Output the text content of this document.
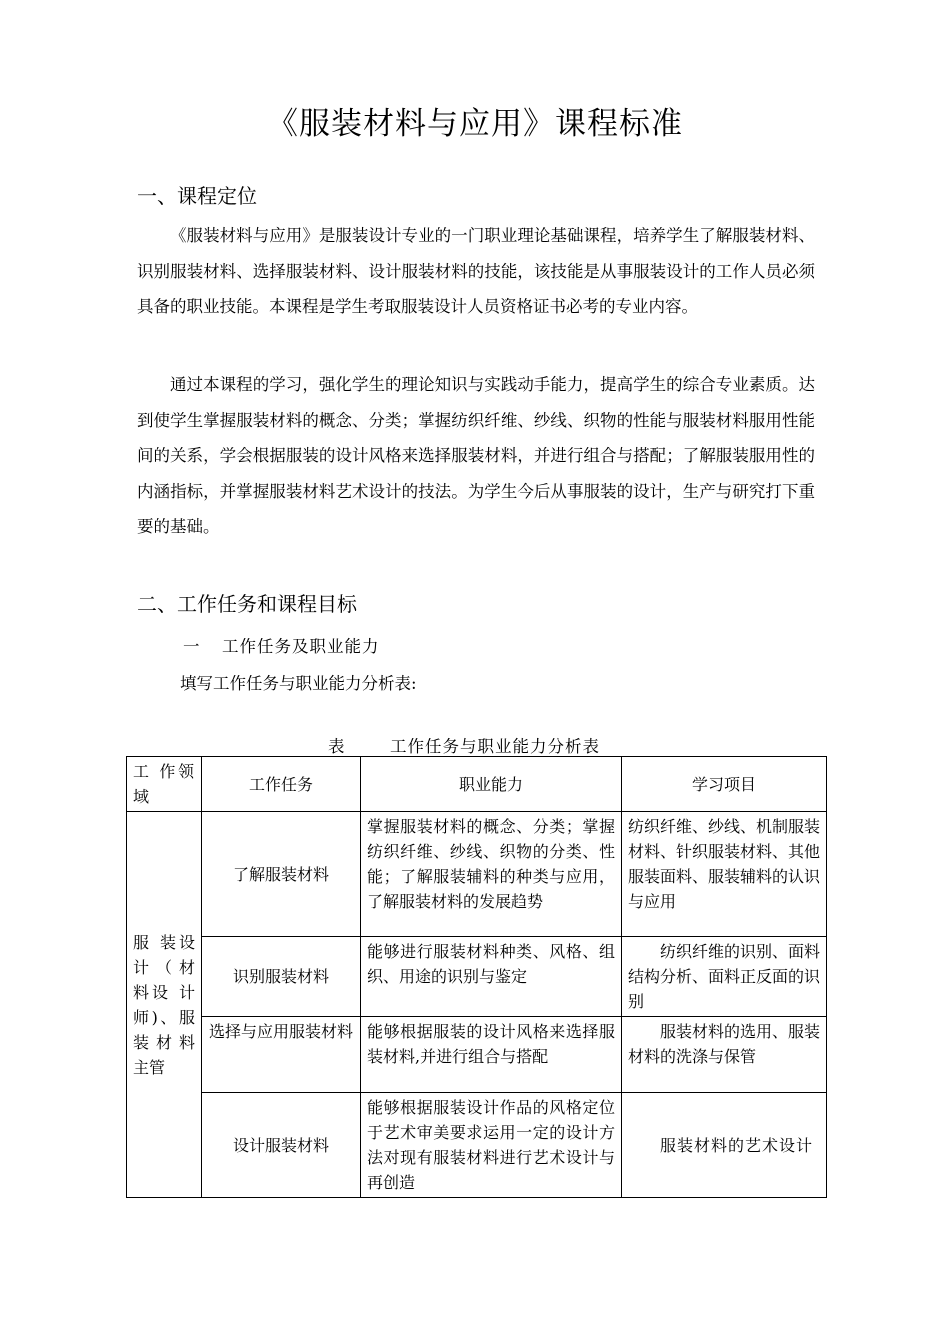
《服装材料与应用》课程标准
一、课程定位

《服装材料与应用》是服装设计专业的一门职业理论基础课程，培养学生了解服装材料、识别服装材料、选择服装材料、设计服装材料的技能，该技能是从事服装设计的工作人员必须具备的职业技能。本课程是学生考取服装设计人员资格证书必考的专业内容。

通过本课程的学习，强化学生的理论知识与实践动手能力，提高学生的综合专业素质。达到使学生掌握服装材料的概念、分类；掌握纺织纤维、纱线、织物的性能与服装材料服用性能间的关系，学会根据服装的设计风格来选择服装材料，并进行组合与搭配；了解服装服用性的内涵指标，并掌握服装材料艺术设计的技法。为学生今后从事服装的设计，生产与研究打下重要的基础。

二、工作任务和课程目标
一 工作任务及职业能力
填写工作任务与职业能力分析表:
表	工作任务与职业能力分析表
工 作领域	工作任务	职业能力	学习项目
服 装设 计（材料设 计师)、服装材料主管	了解服装材料	掌握服装材料的概念、分类；掌握纺织纤维、纱线、织物的分类、性能；了解服装辅料的种类与应用，了解服装材料的发展趋势	纺织纤维、纱线、机制服装材料、针织服装材料、其他服装面料、服装辅料的认识与应用
	识别服装材料	能够进行服装材料种类、风格、组织、用途的识别与鉴定	纺织纤维的识别、面料结构分析、面料正反面的识别
	选择与应用服装材料	能够根据服装的设计风格来选择服装材料,并进行组合与搭配	服装材料的选用、服装材料的洗涤与保管
	设计服装材料	能够根据服装设计作品的风格定位于艺术审美要求运用一定的设计方法对现有服装材料进行艺术设计与再创造	服装材料的艺术设计
